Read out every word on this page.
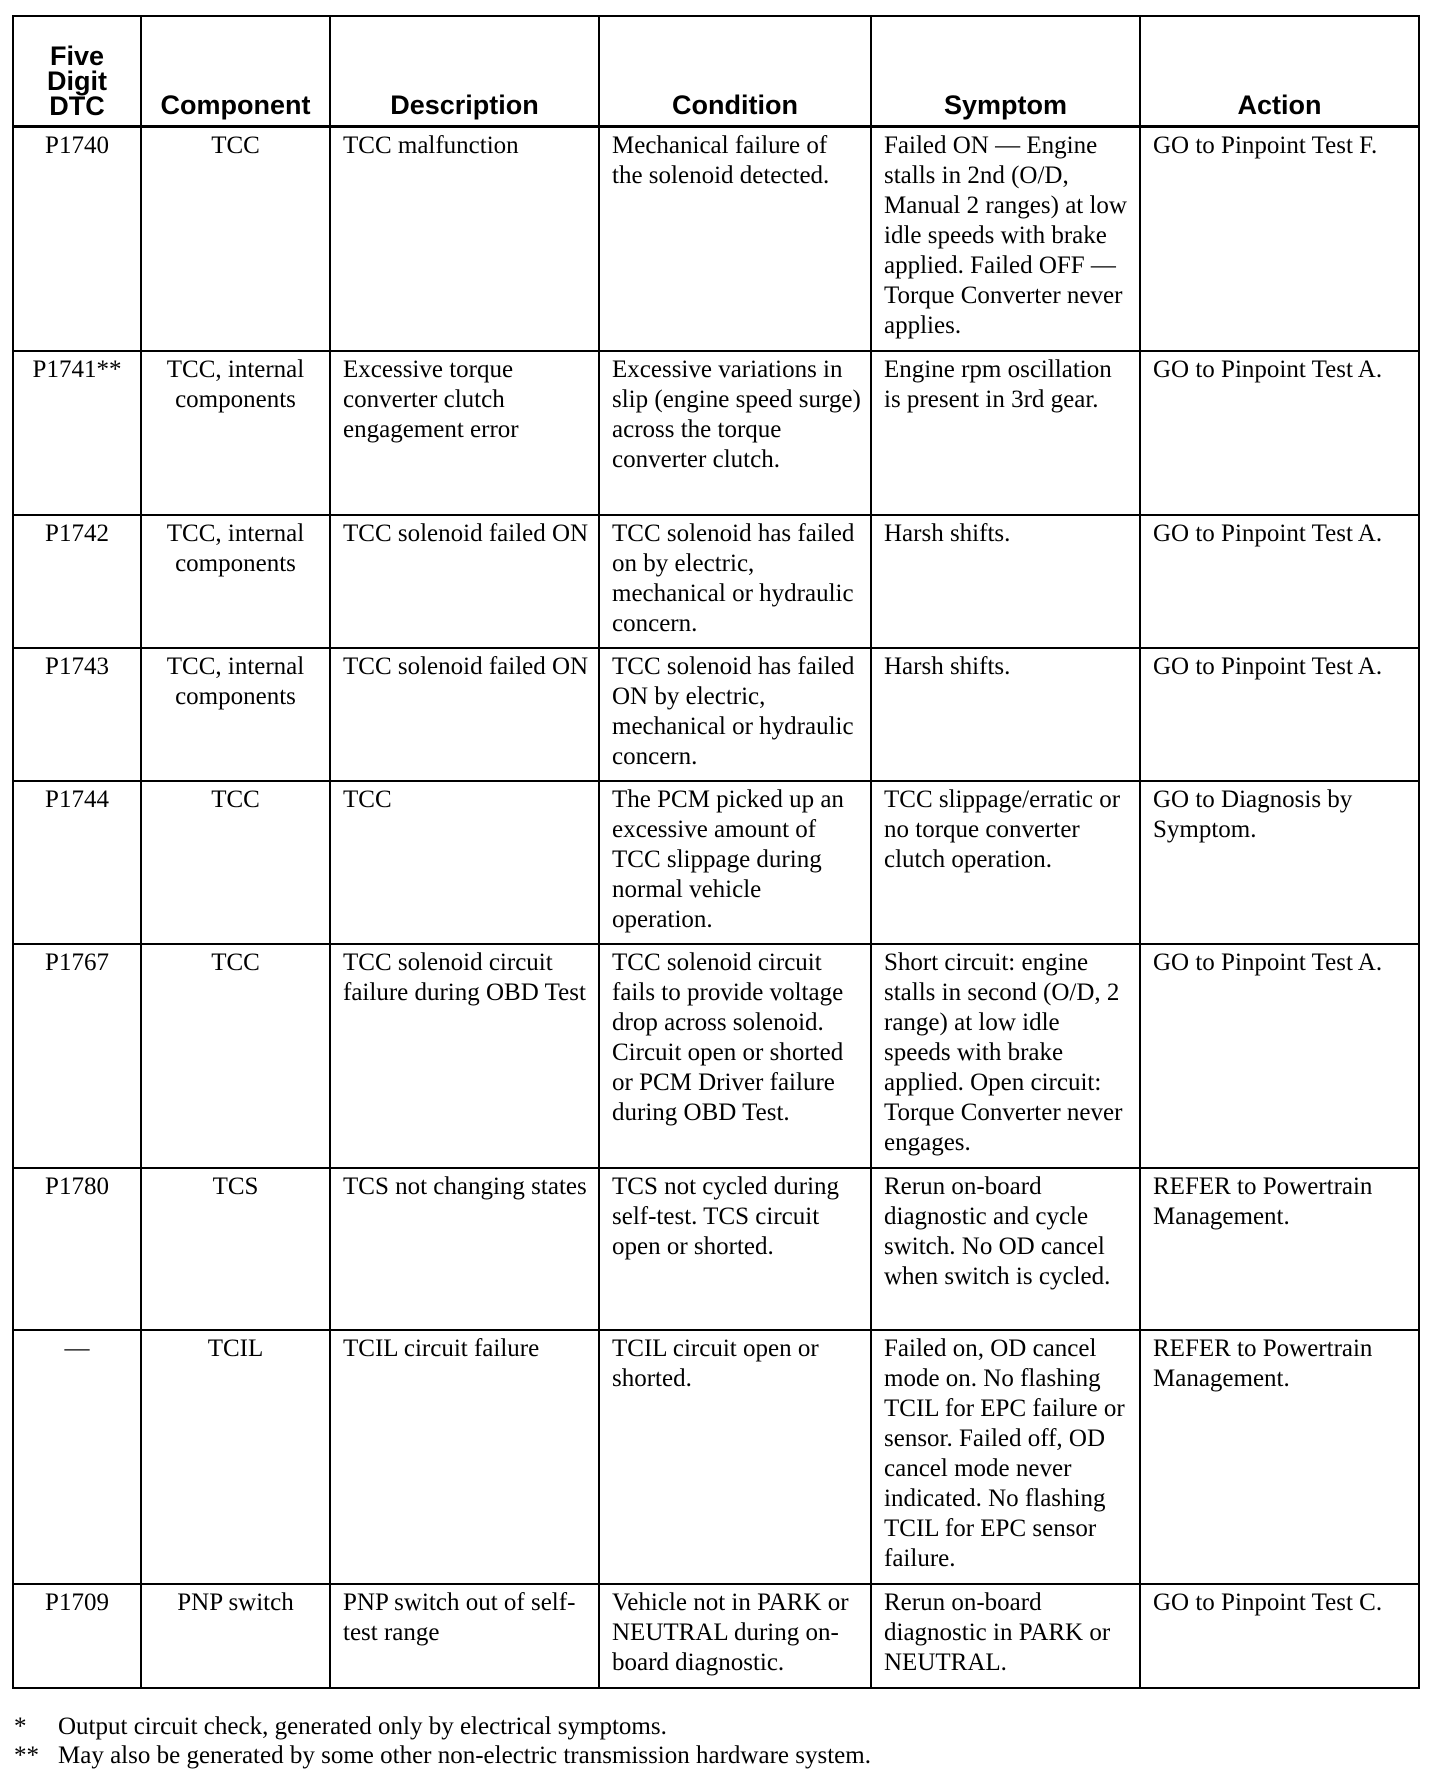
Five
Digit
DTC	Component	Description	Condition	Symptom	Action
P1740	TCC	TCC malfunction	Mechanical failure of the solenoid detected.	Failed ON — Engine stalls in 2nd (O/D, Manual 2 ranges) at low idle speeds with brake applied. Failed OFF — Torque Converter never applies.	GO to Pinpoint Test F.
P1741**	TCC, internal components	Excessive torque converter clutch engagement error	Excessive variations in slip (engine speed surge) across the torque converter clutch.	Engine rpm oscillation is present in 3rd gear.	GO to Pinpoint Test A.
P1742	TCC, internal components	TCC solenoid failed ON	TCC solenoid has failed on by electric, mechanical or hydraulic concern.	Harsh shifts.	GO to Pinpoint Test A.
P1743	TCC, internal components	TCC solenoid failed ON	TCC solenoid has failed ON by electric, mechanical or hydraulic concern.	Harsh shifts.	GO to Pinpoint Test A.
P1744	TCC	TCC	The PCM picked up an excessive amount of TCC slippage during normal vehicle operation.	TCC slippage/erratic or no torque converter clutch operation.	GO to Diagnosis by Symptom.
P1767	TCC	TCC solenoid circuit failure during OBD Test	TCC solenoid circuit fails to provide voltage drop across solenoid. Circuit open or shorted or PCM Driver failure during OBD Test.	Short circuit: engine stalls in second (O/D, 2 range) at low idle speeds with brake applied. Open circuit: Torque Converter never engages.	GO to Pinpoint Test A.
P1780	TCS	TCS not changing states	TCS not cycled during self-test. TCS circuit open or shorted.	Rerun on-board diagnostic and cycle switch. No OD cancel when switch is cycled.	REFER to Powertrain Management.
—	TCIL	TCIL circuit failure	TCIL circuit open or shorted.	Failed on, OD cancel mode on. No flashing TCIL for EPC failure or sensor. Failed off, OD cancel mode never indicated. No flashing TCIL for EPC sensor failure.	REFER to Powertrain Management.
P1709	PNP switch	PNP switch out of self-test range	Vehicle not in PARK or NEUTRAL during on-board diagnostic.	Rerun on-board diagnostic in PARK or NEUTRAL.	GO to Pinpoint Test C.
* Output circuit check, generated only by electrical symptoms.
** May also be generated by some other non-electric transmission hardware system.
